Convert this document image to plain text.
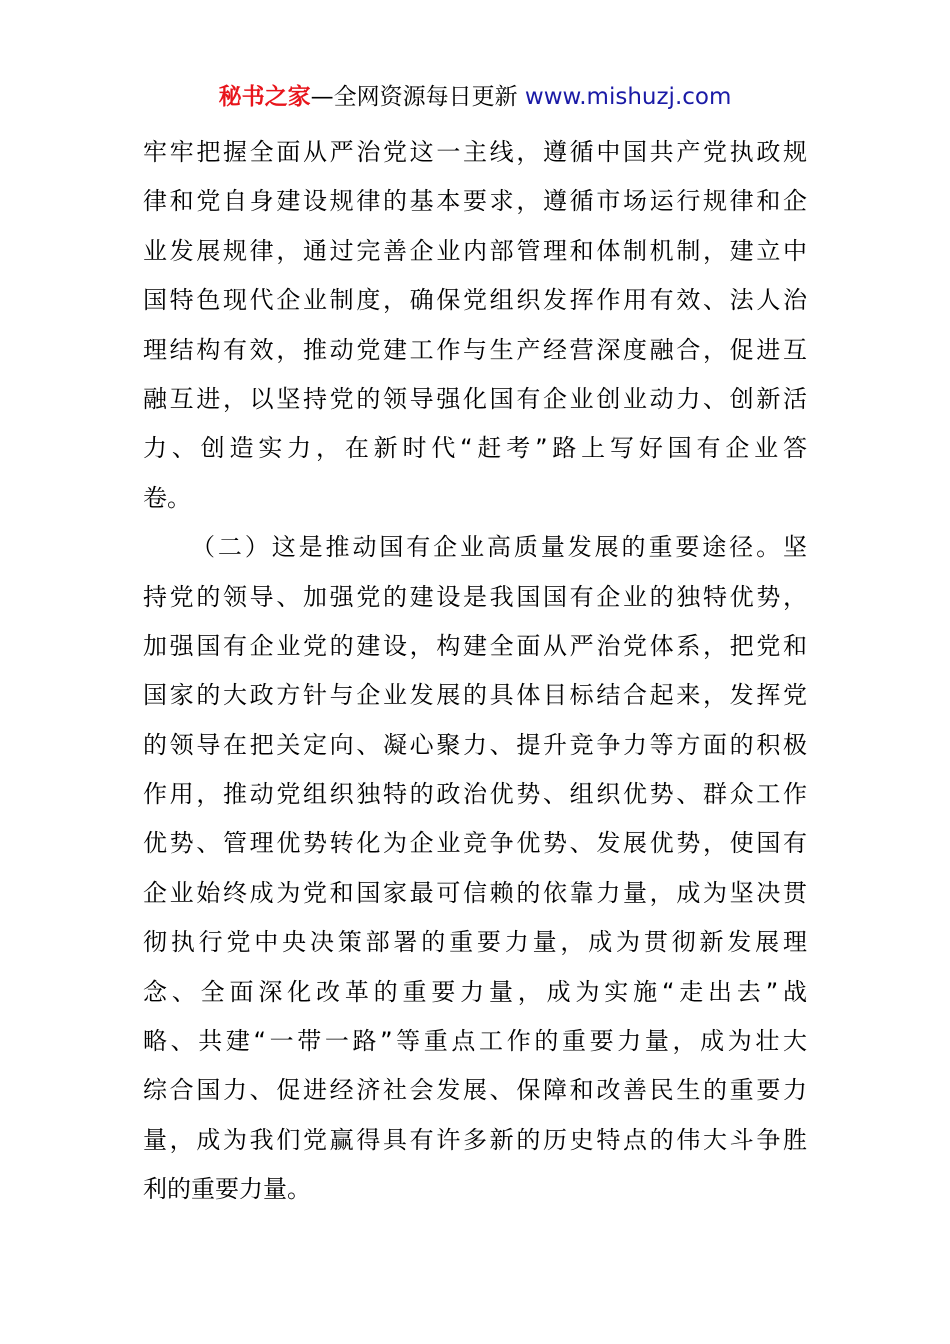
秘书之家—全网资源每日更新 www.mishuzj.com
牢牢把握全面从严治党这一主线，遵循中国共产党执政规
律和党自身建设规律的基本要求，遵循市场运行规律和企
业发展规律，通过完善企业内部管理和体制机制，建立中
国特色现代企业制度，确保党组织发挥作用有效、法人治
理结构有效，推动党建工作与生产经营深度融合，促进互
融互进，以坚持党的领导强化国有企业创业动力、创新活
力、创造实力，在新时代“赶考”路上写好国有企业答
卷。
（二）这是推动国有企业高质量发展的重要途径。坚
持党的领导、加强党的建设是我国国有企业的独特优势，
加强国有企业党的建设，构建全面从严治党体系，把党和
国家的大政方针与企业发展的具体目标结合起来，发挥党
的领导在把关定向、凝心聚力、提升竞争力等方面的积极
作用，推动党组织独特的政治优势、组织优势、群众工作
优势、管理优势转化为企业竞争优势、发展优势，使国有
企业始终成为党和国家最可信赖的依靠力量，成为坚决贯
彻执行党中央决策部署的重要力量，成为贯彻新发展理
念、全面深化改革的重要力量，成为实施“走出去”战
略、共建“一带一路”等重点工作的重要力量，成为壮大
综合国力、促进经济社会发展、保障和改善民生的重要力
量，成为我们党赢得具有许多新的历史特点的伟大斗争胜
利的重要力量。
